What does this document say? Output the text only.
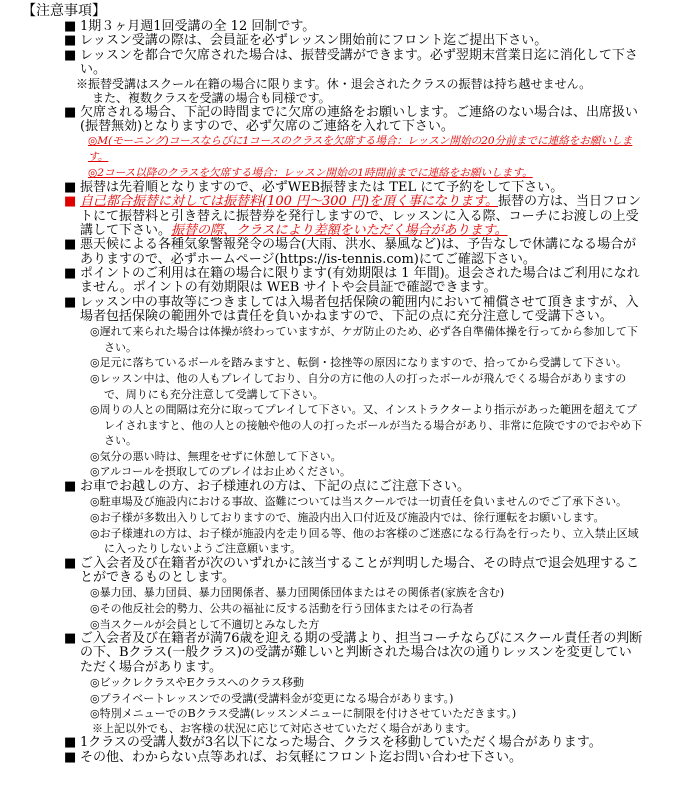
【注意事項】
■ 1期３ヶ月週1回受講の全 12 回制です。
■ レッスン受講の際は、会員証を必ずレッスン開始前にフロント迄ご提出下さい。
■ レッスンを都合で欠席された場合は、振替受講ができます。必ず翌期末営業日迄に消化して下さい。
※振替受講はスクール在籍の場合に限ります。休・退会されたクラスの振替は持ち越せません。
また、複数クラスを受講の場合も同様です。
■ 欠席される場合、下記の時間までに欠席の連絡をお願いします。ご連絡のない場合は、出席扱い(振替無効)となりますので、必ず欠席のご連絡を入れて下さい。
◎M(モーニング)コースならびに1コースのクラスを欠席する場合：レッスン開始の20分前までに連絡をお願いします。
◎2コース以降のクラスを欠席する場合：レッスン開始の1時間前までに連絡をお願いします。
■ 振替は先着順となりますので、必ずWEB振替または TEL にて予約をして下さい。
■ 自己都合振替に対しては振替料(100 円～300 円)を頂く事になります。振替の方は、当日フロントにて振替料と引き替えに振替券を発行しますので、レッスンに入る際、コーチにお渡しの上受講して下さい。振替の際、クラスにより差額をいただく場合があります。
■ 悪天候による各種気象警報発令の場合(大雨、洪水、暴風など)は、予告なしで休講になる場合がありますので、必ずホームページ(https://is-tennis.com)にてご確認下さい。
■ ポイントのご利用は在籍の場合に限ります(有効期限は 1 年間)。退会された場合はご利用になれません。ポイントの有効期限は WEB サイトや会員証で確認できます。
■ レッスン中の事故等につきましては入場者包括保険の範囲内において補償させて頂きますが、入場者包括保険の範囲外では責任を負いかねますので、下記の点に充分注意して受講下さい。
◎遅れて来られた場合は体操が終わっていますが、ケガ防止のため、必ず各自準備体操を行ってから参加して下さい。
◎足元に落ちているボールを踏みますと、転倒・捻挫等の原因になりますので、拾ってから受講して下さい。
◎レッスン中は、他の人もプレイしており、自分の方に他の人の打ったボールが飛んでくる場合がありますので、周りにも充分注意して受講して下さい。
◎周りの人との間隔は充分に取ってプレイして下さい。又、インストラクターより指示があった範囲を超えてプレイされますと、他の人との接触や他の人の打ったボールが当たる場合があり、非常に危険ですのでおやめ下さい。
◎気分の悪い時は、無理をせずに休憩して下さい。
◎アルコールを摂取してのプレイはお止めください。
■ お車でお越しの方、お子様連れの方は、下記の点にご注意下さい。
◎駐車場及び施設内における事故、盗難については当スクールでは一切責任を負いませんのでご了承下さい。
◎お子様が多数出入りしておりますので、施設内出入口付近及び施設内では、徐行運転をお願いします。
◎お子様連れの方は、お子様が施設内を走り回る等、他のお客様のご迷惑になる行為を行ったり、立入禁止区域に入ったりしないようご注意願います。
■ ご入会者及び在籍者が次のいずれかに該当することが判明した場合、その時点で退会処理することができるものとします。
◎暴力団、暴力団員、暴力団関係者、暴力団関係団体またはその関係者(家族を含む)
◎その他反社会的勢力、公共の福祉に反する活動を行う団体またはその行為者
◎当スクールが会員として不適切とみなした方
■ ご入会者及び在籍者が満76歳を迎える期の受講より、担当コーチならびにスクール責任者の判断の下、Bクラス(一般クラス)の受講が難しいと判断された場合は次の通りレッスンを変更していただく場合があります。
◎ビックレクラスやEクラスへのクラス移動
◎プライベートレッスンでの受講(受講料金が変更になる場合があります。)
◎特別メニューでのBクラス受講(レッスンメニューに制限を付けさせていただきます。)
※上記以外でも、お客様の状況に応じて対応させていただく場合があります。
■ 1クラスの受講人数が3名以下になった場合、クラスを移動していただく場合があります。
■ その他、わからない点等あれば、お気軽にフロント迄お問い合わせ下さい。
